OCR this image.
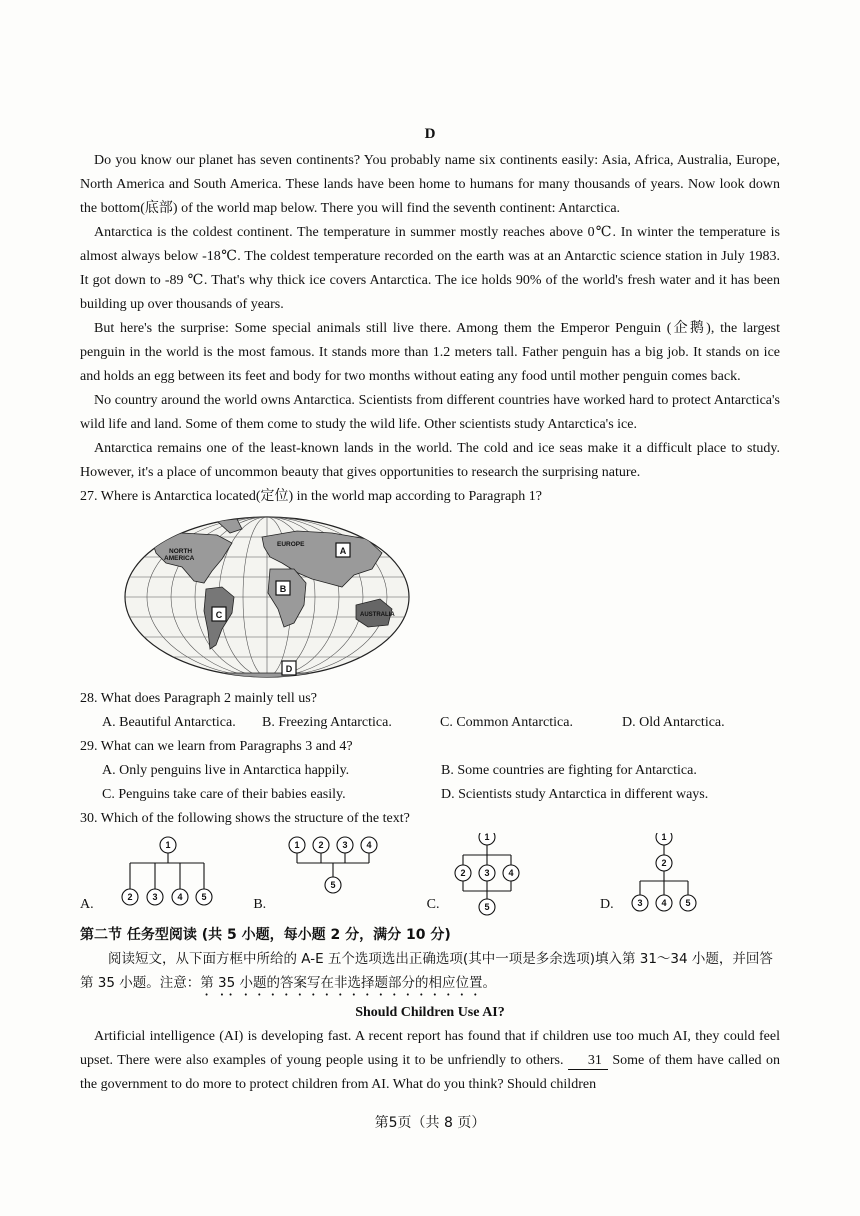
D

Do you know our planet has seven continents? You probably name six continents easily: Asia, Africa, Australia, Europe, North America and South America. These lands have been home to humans for many thousands of years. Now look down the bottom(底部) of the world map below. There you will find the seventh continent: Antarctica.

Antarctica is the coldest continent. The temperature in summer mostly reaches above 0℃. In winter the temperature is almost always below -18℃. The coldest temperature recorded on the earth was at an Antarctic science station in July 1983. It got down to -89 ℃. That's why thick ice covers Antarctica. The ice holds 90% of the world's fresh water and it has been building up over thousands of years.

But here's the surprise: Some special animals still live there. Among them the Emperor Penguin (企鹅), the largest penguin in the world is the most famous. It stands more than 1.2 meters tall. Father penguin has a big job. It stands on ice and holds an egg between its feet and body for two months without eating any food until mother penguin comes back.

No country around the world owns Antarctica. Scientists from different countries have worked hard to protect Antarctica's wild life and land. Some of them come to study the wild life. Other scientists study Antarctica's ice.

Antarctica remains one of the least-known lands in the world. The cold and ice seas make it a difficult place to study. However, it's a place of uncommon beauty that gives opportunities to research the surprising nature.

27. Where is Antarctica located(定位) in the world map according to Paragraph 1?

NORTH
AMERICA
EUROPE
AUSTRALIA
A
B
C
D

28. What does Paragraph 2 mainly tell us?

A. Beautiful Antarctica.	B. Freezing Antarctica.	C. Common Antarctica.	D. Old Antarctica.

29. What can we learn from Paragraphs 3 and 4?

A. Only penguins live in Antarctica happily.	B. Some countries are fighting for Antarctica.
C. Penguins take care of their babies easily.	D. Scientists study Antarctica in different ways.

30. Which of the following shows the structure of the text?

A.
1
2 3 4 5	B.
1 2 3 4
5
C.
1
2 3 4
5	D.
1
2
3 4 5
第二节 任务型阅读 (共 5 小题，每小题 2 分，满分 10 分)

阅读短文，从下面方框中所给的 A-E 五个选项选出正确选项(其中一项是多余选项)填入第 31～34 小题，并回答第 35 小题。注意：第 35 小题的答案写在非选择题部分的相应位置。

Should Children Use AI?

Artificial intelligence (AI) is developing fast. A recent report has found that if children use too much AI, they could feel upset. There were also examples of young people using it to be unfriendly to others. 31 Some of them have called on the government to do more to protect children from AI. What do you think? Should children

第5页（共 8 页）
